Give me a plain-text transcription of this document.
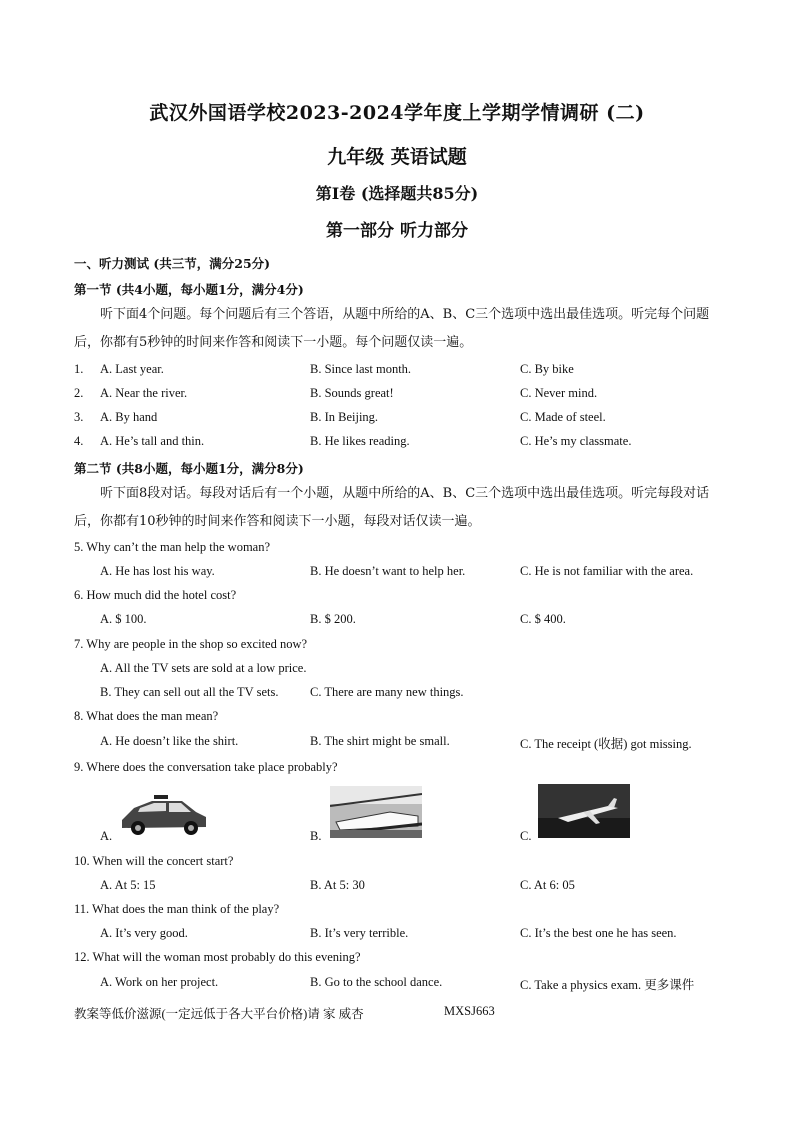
武汉外国语学校2023-2024学年度上学期学情调研 (二)
九年级 英语试题
第Ⅰ卷 (选择题共85分)
第一部分 听力部分
一、听力测试 (共三节，满分25分)
第一节 (共4小题，每小题1分，满分4分)
听下面4个问题。每个问题后有三个答语，从题中所给的A、B、C三个选项中选出最佳选项。听完每个问题后，你都有5秒钟的时间来作答和阅读下一小题。每个问题仅读一遍。
1. A. Last year.	B. Since last month.	C. By bike
2. A. Near the river.	B. Sounds great!	C. Never mind.
3. A. By hand	B. In Beijing.	C. Made of steel.
4. A. He’s tall and thin.	B. He likes reading.	C. He’s my classmate.
第二节 (共8小题，每小题1分，满分8分)
听下面8段对话。每段对话后有一个小题，从题中所给的A、B、C三个选项中选出最佳选项。听完每段对话后，你都有10秒钟的时间来作答和阅读下一小题，每段对话仅读一遍。
5. Why can’t the man help the woman?
A. He has lost his way.	B. He doesn’t want to help her.	C. He is not familiar with the area.
6. How much did the hotel cost?
A. $ 100.	B. $ 200.	C. $ 400.
7. Why are people in the shop so excited now?
A. All the TV sets are sold at a low price.
B. They can sell out all the TV sets.	C. There are many new things.
8. What does the man mean?
A. He doesn’t like the shirt.	B. The shirt might be small.	C. The receipt (收据) got missing.
9. Where does the conversation take place probably?
A.	B.	C.
10. When will the concert start?
A. At 5: 15	B. At 5: 30	C. At 6: 05
11. What does the man think of the play?
A. It’s very good.	B. It’s very terrible.	C. It’s the best one he has seen.
12. What will the woman most probably do this evening?
A. Work on her project.	B. Go to the school dance.	C. Take a physics exam. 更多课件
教案等低价滋源(一定远低于各大平台价格)请 家 威杏	MXSJ663
